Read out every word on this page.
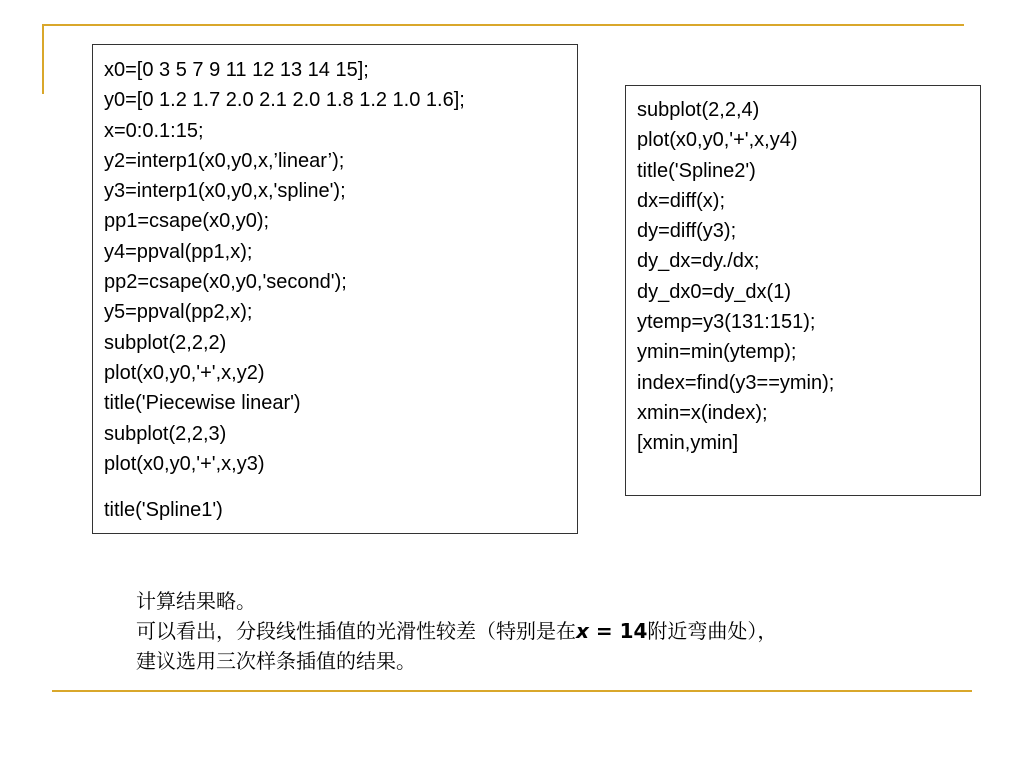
x0=[0 3 5 7 9 11 12 13 14 15];
y0=[0 1.2 1.7 2.0 2.1 2.0 1.8 1.2 1.0 1.6];
x=0:0.1:15;
y2=interp1(x0,y0,x,’linear’);
y3=interp1(x0,y0,x,'spline');
pp1=csape(x0,y0);
y4=ppval(pp1,x);
pp2=csape(x0,y0,'second');
y5=ppval(pp2,x);
subplot(2,2,2)
plot(x0,y0,'+',x,y2)
title('Piecewise linear')
subplot(2,2,3)
plot(x0,y0,'+',x,y3)
title('Spline1')
subplot(2,2,4)
plot(x0,y0,'+',x,y4)
title('Spline2')
dx=diff(x);
dy=diff(y3);
dy_dx=dy./dx;
dy_dx0=dy_dx(1)
ytemp=y3(131:151);
ymin=min(ytemp);
index=find(y3==ymin);
xmin=x(index);
[xmin,ymin]
计算结果略。
可以看出，分段线性插值的光滑性较差（特别是在x = 14附近弯曲处），
建议选用三次样条插值的结果。
